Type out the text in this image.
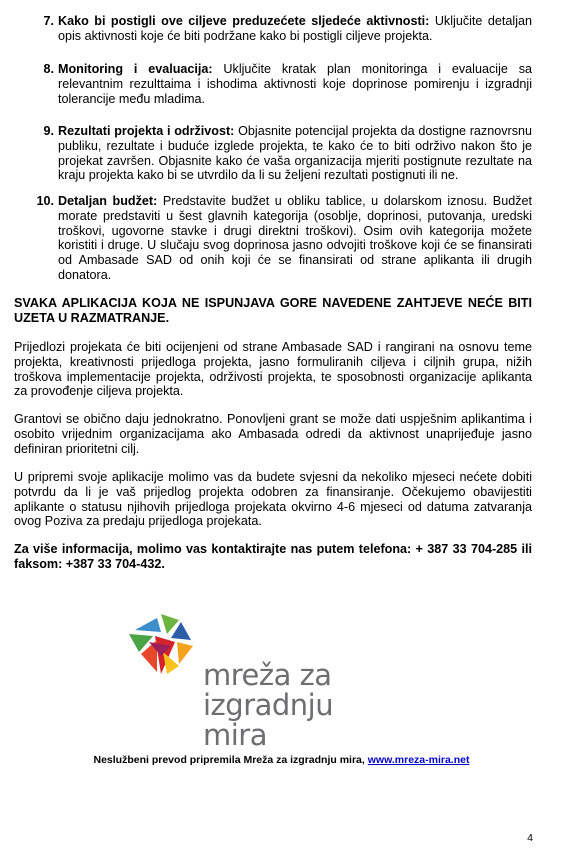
7. Kako bi postigli ove ciljeve preduzećete sljedeće aktivnosti: Uključite detaljan opis aktivnosti koje će biti podržane kako bi postigli ciljeve projekta.
8. Monitoring i evaluacija: Uključite kratak plan monitoringa i evaluacije sa relevantnim rezulttaima i ishodima aktivnosti koje doprinose pomirenju i izgradnji tolerancije među mladima.
9. Rezultati projekta i održivost: Objasnite potencijal projekta da dostigne raznovrsnu publiku, rezultate i buduće izglede projekta, te kako će to biti održivo nakon što je projekat završen. Objasnite kako će vaša organizacija mjeriti postignute rezultate na kraju projekta kako bi se utvrdilo da li su željeni rezultati postignuti ili ne.
10. Detaljan budžet: Predstavite budžet u obliku tablice, u dolarskom iznosu. Budžet morate predstaviti u šest glavnih kategorija (osoblje, doprinosi, putovanja, uredski troškovi, ugovorne stavke i drugi direktni troškovi). Osim ovih kategorija možete koristiti i druge. U slučaju svog doprinosa jasno odvojiti troškove koji će se finansirati od Ambasade SAD od onih koji će se finansirati od strane aplikanta ili drugih donatora.
SVAKA APLIKACIJA KOJA NE ISPUNJAVA GORE NAVEDENE ZAHTJEVE NEĆE BITI UZETA U RAZMATRANJE.
Prijedlozi projekata će biti ocijenjeni od strane Ambasade SAD i rangirani na osnovu teme projekta, kreativnosti prijedloga projekta, jasno formuliranih ciljeva i ciljnih grupa, nižih troškova implementacije projekta, održivosti projekta, te sposobnosti organizacije aplikanta za provođenje ciljeva projekta.
Grantovi se obično daju jednokratno. Ponovljeni grant se može dati uspješnim aplikantima i osobito vrijednim organizacijama ako Ambasada odredi da aktivnost unaprijeđuje jasno definiran prioritetni cilj.
U pripremi svoje aplikacije molimo vas da budete svjesni da nekoliko mjeseci nećete dobiti potvrdu da li je vaš prijedlog projekta odobren za finansiranje. Očekujemo obavijestiti aplikante o statusu njihovih prijedloga projekata okvirno 4-6 mjeseci od datuma zatvaranja ovog Poziva za predaju prijedloga projekata.
Za više informacija, molimo vas kontaktirajte nas putem telefona: + 387 33 704-285 ili faksom: +387 33 704-432.
mreža za
izgradnju mira
Neslužbeni prevod pripremila Mreža za izgradnju mira, www.mreza-mira.net
4
